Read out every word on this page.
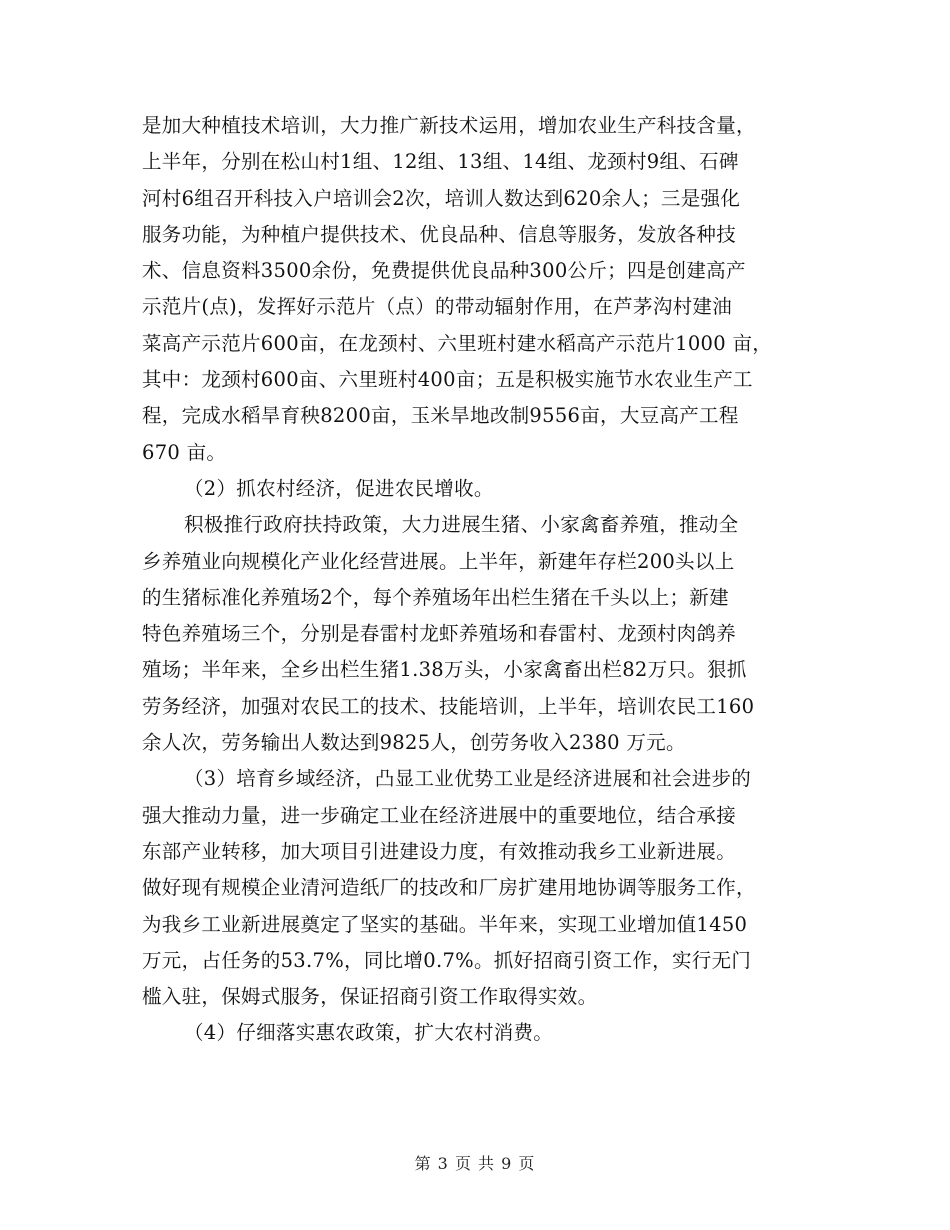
是加大种植技术培训，大力推广新技术运用，增加农业生产科技含量，
上半年，分别在松山村1组、12组、13组、14组、龙颈村9组、石碑
河村6组召开科技入户培训会2次，培训人数达到620余人；三是强化
服务功能，为种植户提供技术、优良品种、信息等服务，发放各种技
术、信息资料3500余份，免费提供优良品种300公斤；四是创建高产
示范片(点)，发挥好示范片（点）的带动辐射作用，在芦茅沟村建油
菜高产示范片600亩，在龙颈村、六里班村建水稻高产示范片1000 亩，
其中：龙颈村600亩、六里班村400亩；五是积极实施节水农业生产工
程，完成水稻旱育秧8200亩，玉米旱地改制9556亩，大豆高产工程
670 亩。
（2）抓农村经济，促进农民增收。
积极推行政府扶持政策，大力进展生猪、小家禽畜养殖，推动全
乡养殖业向规模化产业化经营进展。上半年，新建年存栏200头以上
的生猪标准化养殖场2个，每个养殖场年出栏生猪在千头以上；新建
特色养殖场三个，分别是春雷村龙虾养殖场和春雷村、龙颈村肉鸽养
殖场；半年来，全乡出栏生猪1.38万头，小家禽畜出栏82万只。狠抓
劳务经济，加强对农民工的技术、技能培训，上半年，培训农民工160
余人次，劳务输出人数达到9825人，创劳务收入2380 万元。
（3）培育乡域经济，凸显工业优势工业是经济进展和社会进步的
强大推动力量，进一步确定工业在经济进展中的重要地位，结合承接
东部产业转移，加大项目引进建设力度，有效推动我乡工业新进展。
做好现有规模企业清河造纸厂的技改和厂房扩建用地协调等服务工作，
为我乡工业新进展奠定了坚实的基础。半年来，实现工业增加值1450
万元，占任务的53.7%，同比增0.7%。抓好招商引资工作，实行无门
槛入驻，保姆式服务，保证招商引资工作取得实效。
（4）仔细落实惠农政策，扩大农村消费。
第 3 页 共 9 页
